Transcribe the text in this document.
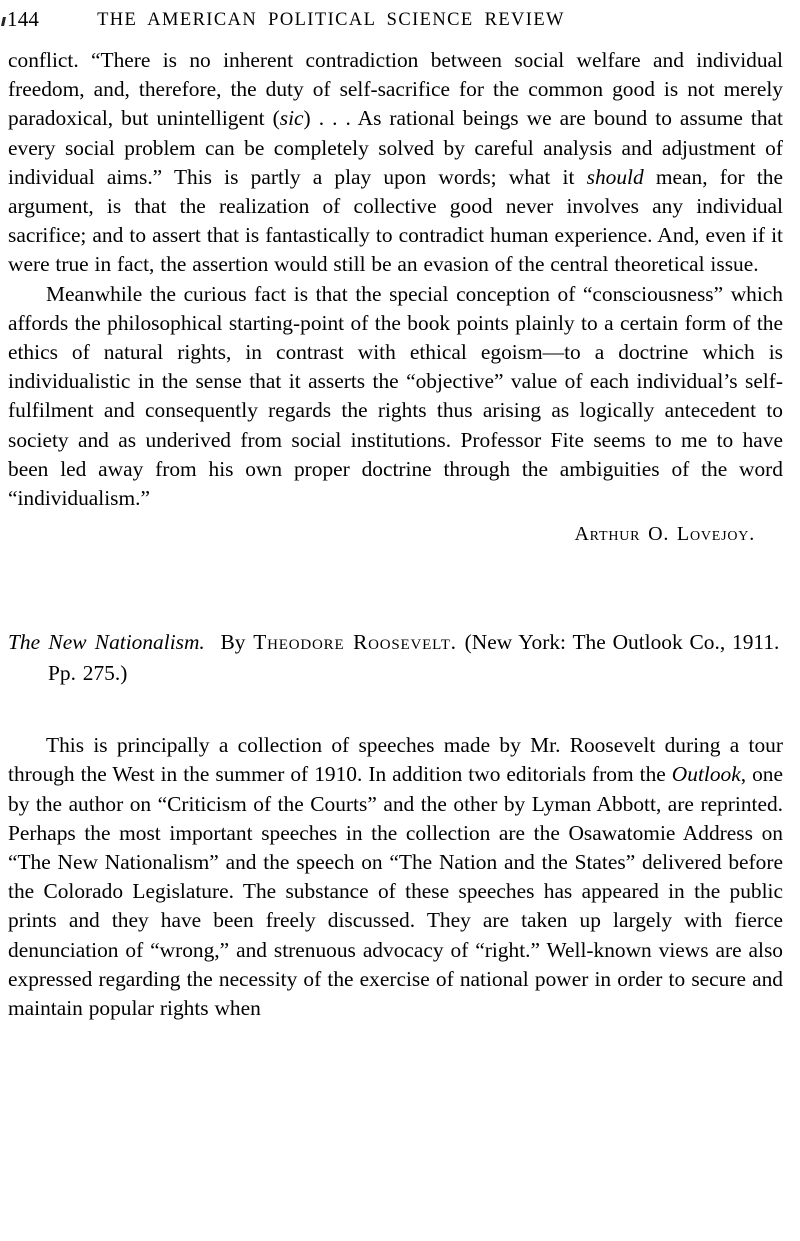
144	THE AMERICAN POLITICAL SCIENCE REVIEW

conflict. “There is no inherent contradiction between social welfare and individual freedom, and, therefore, the duty of self-sacrifice for the common good is not merely paradoxical, but unintelligent (sic) . . . As rational beings we are bound to assume that every social problem can be completely solved by careful analysis and adjustment of individual aims.” This is partly a play upon words; what it should mean, for the argument, is that the realization of collective good never involves any individual sacrifice; and to assert that is fantastically to contradict human experience. And, even if it were true in fact, the assertion would still be an evasion of the central theoretical issue.

Meanwhile the curious fact is that the special conception of “consciousness” which affords the philosophical starting-point of the book points plainly to a certain form of the ethics of natural rights, in contrast with ethical egoism—to a doctrine which is individualistic in the sense that it asserts the “objective” value of each individual’s self-fulfilment and consequently regards the rights thus arising as logically antecedent to society and as underived from social institutions. Professor Fite seems to me to have been led away from his own proper doctrine through the ambiguities of the word “individualism.”

Arthur O. Lovejoy.

The New Nationalism. By Theodore Roosevelt. (New York: The Outlook Co., 1911. Pp. 275.)

This is principally a collection of speeches made by Mr. Roosevelt during a tour through the West in the summer of 1910. In addition two editorials from the Outlook, one by the author on “Criticism of the Courts” and the other by Lyman Abbott, are reprinted. Perhaps the most important speeches in the collection are the Osawatomie Address on “The New Nationalism” and the speech on “The Nation and the States” delivered before the Colorado Legislature. The substance of these speeches has appeared in the public prints and they have been freely discussed. They are taken up largely with fierce denunciation of “wrong,” and strenuous advocacy of “right.” Well-known views are also expressed regarding the necessity of the exercise of national power in order to secure and maintain popular rights when
